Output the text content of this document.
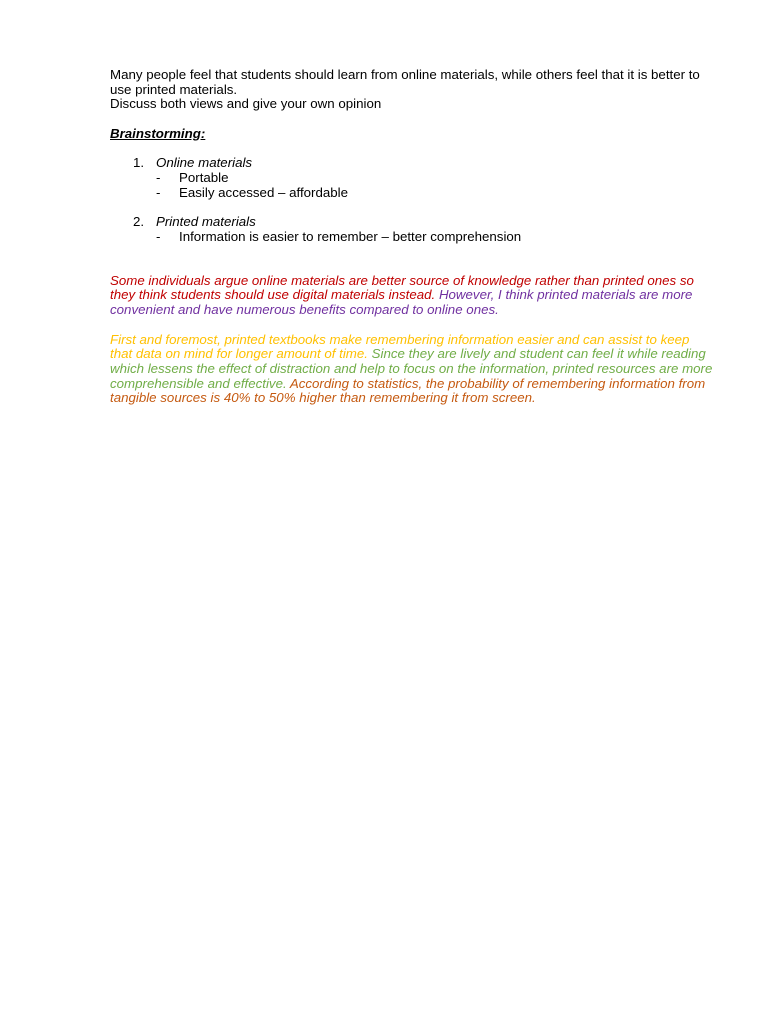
Many people feel that students should learn from online materials, while others feel that it is better to use printed materials.

Discuss both views and give your own opinion

Brainstorming:

1. Online materials
- Portable
- Easily accessed – affordable
2. Printed materials
- Information is easier to remember – better comprehension

Some individuals argue online materials are better source of knowledge rather than printed ones so they think students should use digital materials instead. However, I think printed materials are more convenient and have numerous benefits compared to online ones.

First and foremost, printed textbooks make remembering information easier and can assist to keep that data on mind for longer amount of time. Since they are lively and student can feel it while reading which lessens the effect of distraction and help to focus on the information, printed resources are more comprehensible and effective. According to statistics, the probability of remembering information from tangible sources is 40% to 50% higher than remembering it from screen.
